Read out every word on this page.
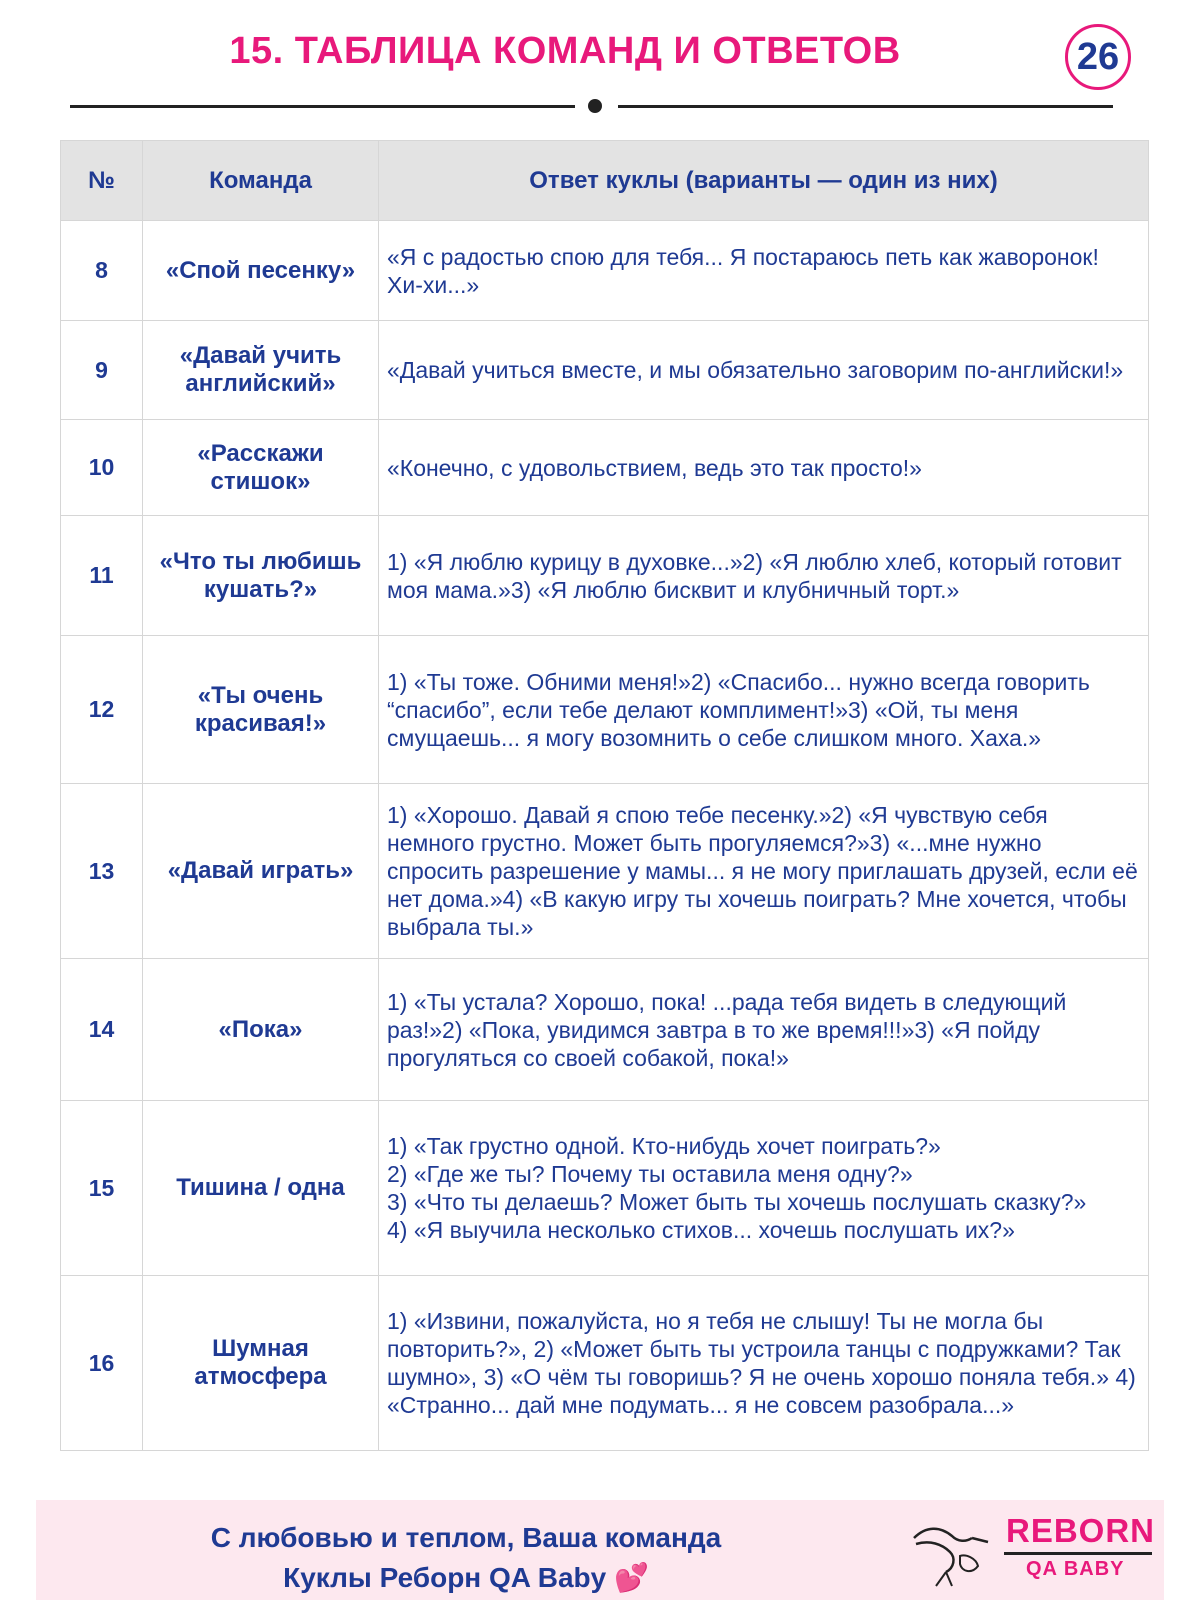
15. ТАБЛИЦА КОМАНД И ОТВЕТОВ	26
№	Команда	Ответ куклы (варианты — один из них)
8	«Спой песенку»	«Я с радостью спою для тебя... Я постараюсь петь как жаворонок! Хи-хи...»
9	«Давай учить английский»	«Давай учиться вместе, и мы обязательно заговорим по-английски!»
10	«Расскажи стишок»	«Конечно, с удовольствием, ведь это так просто!»
11	«Что ты любишь кушать?»	1) «Я люблю курицу в духовке...»2) «Я люблю хлеб, который готовит моя мама.»3) «Я люблю бисквит и клубничный торт.»
12	«Ты очень красивая!»	1) «Ты тоже. Обними меня!»2) «Спасибо... нужно всегда говорить “спасибо”, если тебе делают комплимент!»3) «Ой, ты меня смущаешь... я могу возомнить о себе слишком много. Хаха.»
13	«Давай играть»	1) «Хорошо. Давай я спою тебе песенку.»2) «Я чувствую себя немного грустно. Может быть прогуляемся?»3) «...мне нужно спросить разрешение у мамы... я не могу приглашать друзей, если её нет дома.»4) «В какую игру ты хочешь поиграть? Мне хочется, чтобы выбрала ты.»
14	«Пока»	1) «Ты устала? Хорошо, пока! ...рада тебя видеть в следующий раз!»2) «Пока, увидимся завтра в то же время!!!»3) «Я пойду прогуляться со своей собакой, пока!»
15	Тишина / одна	1) «Так грустно одной. Кто-нибудь хочет поиграть?»
2) «Где же ты? Почему ты оставила меня одну?»
3) «Что ты делаешь? Может быть ты хочешь послушать сказку?»
4) «Я выучила несколько стихов... хочешь послушать их?»

16	Шумная атмосфера	1) «Извини, пожалуйста, но я тебя не слышу! Ты не могла бы повторить?», 2) «Может быть ты устроила танцы с подружками? Так шумно», 3) «О чём ты говоришь? Я не очень хорошо поняла тебя.» 4) «Странно... дай мне подумать... я не совсем разобрала...»
С любовью и теплом, Ваша команда
Куклы Реборн QA Baby 💕
REBORN
QA BABY
